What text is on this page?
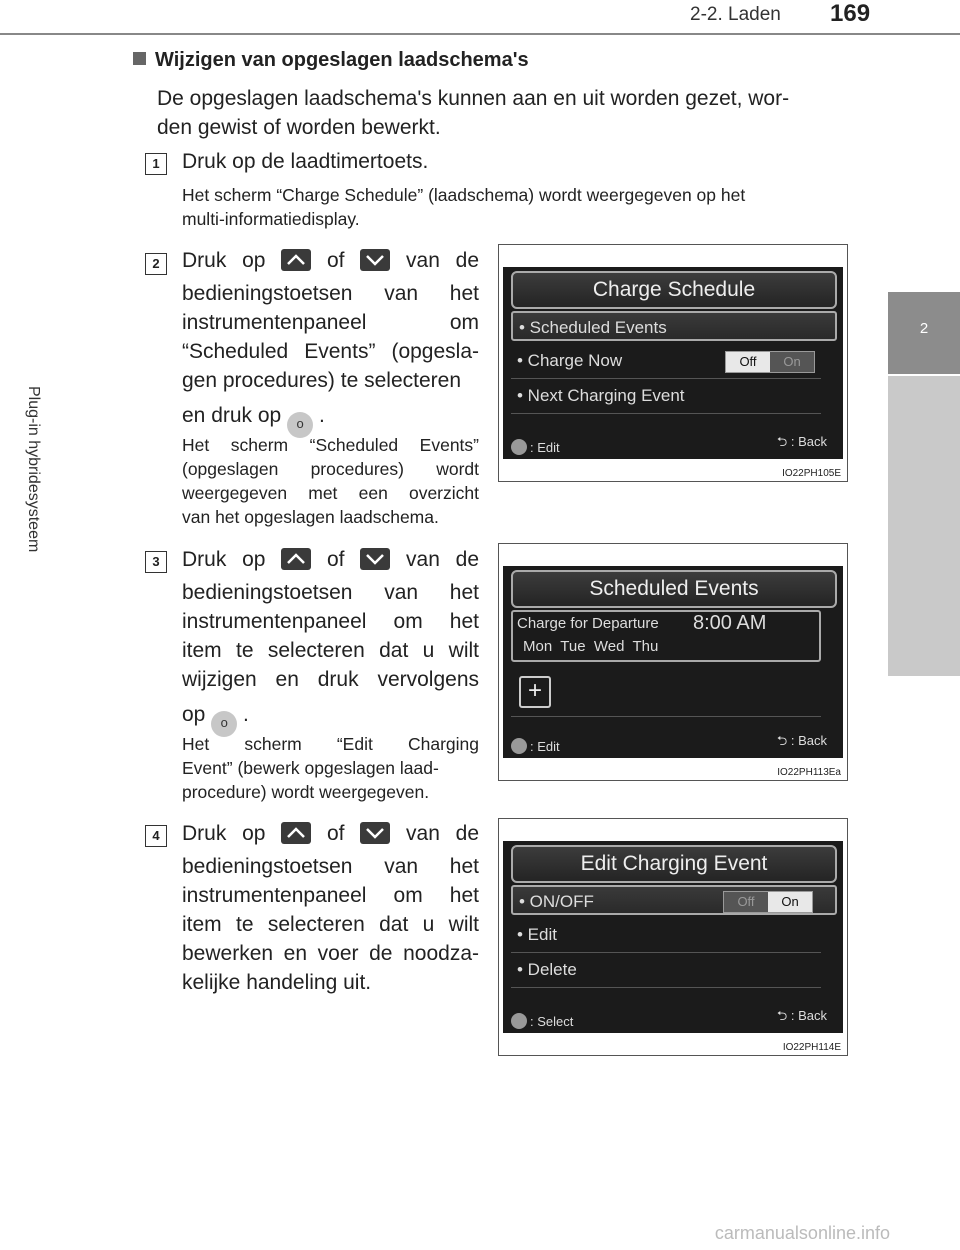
2-2. Laden 169
2
Plug-in hybridesysteem
Wijzigen van opgeslagen laadschema's
De opgeslagen laadschema's kunnen aan en uit worden gezet, wor-
den gewist of worden bewerkt.
1	Druk op de laadtimertoets.
Het scherm “Charge Schedule” (laadschema) wordt weergegeven op het
multi-informatiedisplay.
2	Druk op	of	van de
bedieningstoetsen van het
instrumentenpaneel om
“Scheduled Events” (opgesla-
gen procedures) te selecteren
en druk op o .
Het scherm “Scheduled Events”
(opgeslagen procedures) wordt
weergegeven met een overzicht
van het opgeslagen laadschema.
3	Druk op	of	van de
bedieningstoetsen van het
instrumentenpaneel om het
item te selecteren dat u wilt
wijzigen en druk vervolgens
op o .
Het scherm “Edit Charging
Event” (bewerk opgeslagen laad-
procedure) wordt weergegeven.
4	Druk op	of	van de
bedieningstoetsen van het
instrumentenpaneel om het
item te selecteren dat u wilt
bewerken en voer de noodza-
kelijke handeling uit.
Charge Schedule
• Scheduled Events
• Charge Now	Off	On
• Next Charging Event
: Edit	⮌ : Back
IO22PH105E
Scheduled Events
Charge for Departure 8:00 AM
Mon  Tue  Wed  Thu
+
: Edit	⮌ : Back
IO22PH113Ea
Edit Charging Event
• ON/OFF	Off	On
• Edit
• Delete
: Select	⮌ : Back
IO22PH114E
carmanualsonline.info
